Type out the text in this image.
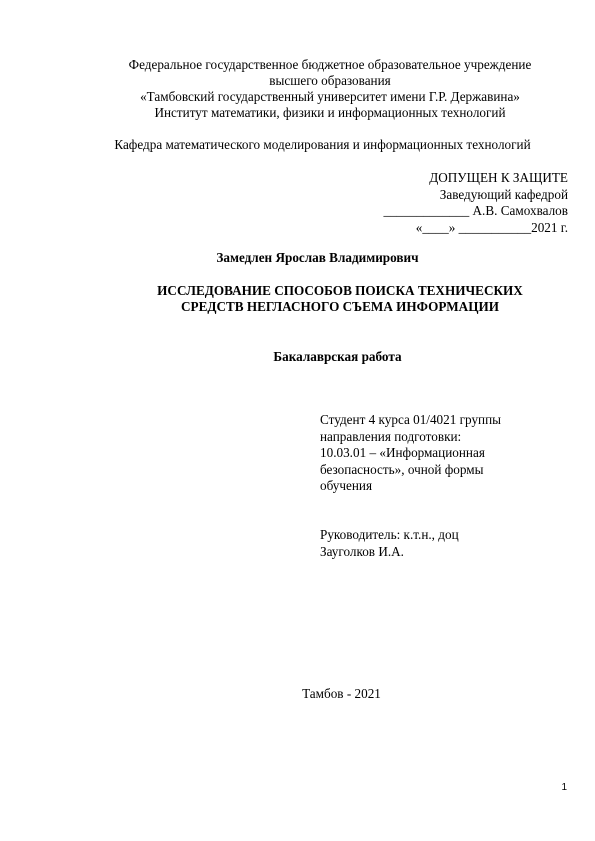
Федеральное государственное бюджетное образовательное учреждение
высшего образования
«Тамбовский государственный университет имени Г.Р. Державина»
Институт математики, физики и информационных технологий
Кафедра математического моделирования и информационных технологий
ДОПУЩЕН К ЗАЩИТЕ
Заведующий кафедрой
_____________ А.В. Самохвалов
«____» ___________2021 г.
Замедлен Ярослав Владимирович
ИССЛЕДОВАНИЕ СПОСОБОВ ПОИСКА ТЕХНИЧЕСКИХ
СРЕДСТВ НЕГЛАСНОГО СЪЕМА ИНФОРМАЦИИ
Бакалаврская работа
Студент 4 курса 01/4021 группы
направления подготовки:
10.03.01 – «Информационная
безопасность», очной формы
обучения
Руководитель: к.т.н., доц
Зауголков И.А.
Тамбов - 2021
1
